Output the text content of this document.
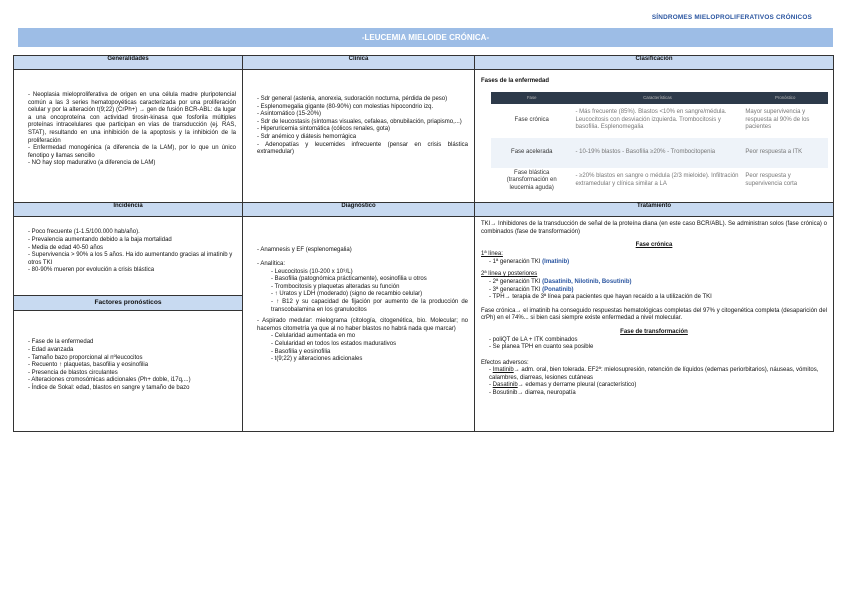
SÍNDROMES MIELOPROLIFERATIVOS CRÓNICOS
-LEUCEMIA MIELOIDE CRÓNICA-
Generalidades	Clínica	Clasificación

- Neoplasia mieloproliferativa de origen en una célula madre pluripotencial común a las 3 series hematopoyéticas caracterizada por una proliferación celular y por la alteración t(9;22) (CrPh+) → gen de fusión BCR-ABL: da lugar a una oncoproteína con actividad tirosin-kinasa que fosforila múltiples proteínas intracelulares que participan en vías de transducción (ej. RAS, STAT), resultando en una inhibición de la apoptosis y la inhibición de la proliferación
- Enfermedad monogénica (a diferencia de la LAM), por lo que un único fenotipo y llamas sencillo
- NO hay stop madurativo (a diferencia de LAM)

- Sdr general (astenia, anorexia, sudoración nocturna, pérdida de peso)
- Esplenomegalia gigante (80-90%) con molestias hipocondrio izq.
- Asintomático (15-20%)
- Sdr de leucostasis (síntomas visuales, cefaleas, obnubilación, priapismo,...)
- Hiperuricemia sintomática (cólicos renales, gota)
- Sdr anémico y diátesis hemorrágica
- Adenopatías y leucemides infrecuente (pensar en crisis blástica extramedular)

Fases de la enfermedad
Fase	Características	Pronóstico
Fase crónica	- Más frecuente (85%). Blastos <10% en sangre/médula. Leucocitosis con desviación izquierda. Trombocitosis y basofilia. Esplenomegalia	Mayor supervivencia y respuesta al 90% de los pacientes
Fase acelerada	- 10-19% blastos - Basofilia ≥20% - Trombocitopenia	Peor respuesta a ITK
Fase blástica (transformación en leucemia aguda)	- ≥20% blastos en sangre o médula (2/3 mieloide). Infiltración extramedular y clínica similar a LA	Peor respuesta y supervivencia corta

Incidencia	Diagnóstico	Tratamiento

- Poco frecuente (1-1.5/100.000 hab/año).
- Prevalencia aumentando debido a la baja mortalidad
- Media de edad 40-50 años
- Supervivencia > 90% a los 5 años. Ha ido aumentando gracias al imatinib y otros TKI
- 80-90% mueren por evolución a crisis blástica
Factores pronósticos
- Fase de la enfermedad
- Edad avanzada
- Tamaño bazo proporcional al nºleucocitos
- Recuento ↑ plaquetas, basofilia y eosinofilia
- Presencia de blastos circulantes
- Alteraciones cromosómicas adicionales (Ph+ doble, i17q,...)
- Índice de Sokal: edad, blastos en sangre y tamaño de bazo

- Anamnesis y EF (esplenomegalia)
- Analítica:
- Leucocitosis (10-200 x 10⁹/L)
- Basofilia (patognómica prácticamente), eosinofilia u otros
- Trombocitosis y plaquetas alteradas su función
- ↑ Uratos y LDH (moderado) (signo de recambio celular)
- ↑ B12 y su capacidad de fijación por aumento de la producción de transcobalamina en los granulocitos
- Aspirado medular: mielograma (citología, citogenética, bio. Molecular; no hacemos citometría ya que al no haber blastos no habrá nada que marcar)
- Celularidad aumentada en mo
- Celularidad en todos los estados madurativos
- Basofilia y eosinofilia
- t(9;22) y alteraciones adicionales

TKI→ Inhibidores de la transducción de señal de la proteína diana (en este caso BCR/ABL). Se administran solos (fase crónica) o combinados (fase de transformación)
Fase crónica
1ª línea:
- 1ª generación TKI (Imatinib)
2ª línea y posteriores
- 2ª generación TKI (Dasatinib, Nilotinib, Bosutinib)
- 3ª generación TKI (Ponatinib)
- TPH→ terapia de 3ª línea para pacientes que hayan recaído a la utilización de TKI
Fase crónica→ el imatinib ha conseguido respuestas hematológicas completas del 97% y citogenética completa (desaparición del crPh) en el 74%... si bien casi siempre existe enfermedad a nivel molecular.
Fase de transformación
- poliQT de LA + ITK combinados
- Se planea TPH en cuanto sea posible
Efectos adversos:
- Imatinib→ adm. oral, bien tolerada. EF2ª: mielosupresión, retención de líquidos (edemas periorbitarios), náuseas, vómitos, calambres, diarreas, lesiones cutáneas
- Dasatinib→ edemas y derrame pleural (característico)
- Bosutinib→ diarrea, neuropatía
